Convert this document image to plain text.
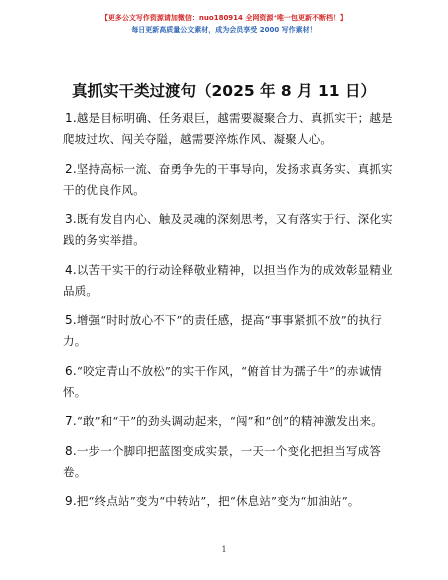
【更多公文写作资源请加微信：nuo180914 全网资源⁺唯一包更新不断档！】
每日更新高质量公文素材，成为会员享受 2000 写作素材！
真抓实干类过渡句（2025 年 8 月 11 日）

1.越是目标明确、任务艰巨，越需要凝聚合力、真抓实干；越是爬坡过坎、闯关夺隘，越需要淬炼作风、凝聚人心。

2.坚持高标一流、奋勇争先的干事导向，发扬求真务实、真抓实干的优良作风。

3.既有发自内心、触及灵魂的深刻思考，又有落实于行、深化实践的务实举措。

4.以苦干实干的行动诠释敬业精神，以担当作为的成效彰显精业品质。

5.增强“时时放心不下”的责任感，提高“事事紧抓不放”的执行力。

6.“咬定青山不放松”的实干作风，“俯首甘为孺子牛”的赤诚情怀。

7.“敢”和“干”的劲头调动起来，“闯”和“创”的精神激发出来。

8.一步一个脚印把蓝图变成实景，一天一个变化把担当写成答卷。

9.把“终点站”变为“中转站”，把“休息站”变为“加油站”。

1
